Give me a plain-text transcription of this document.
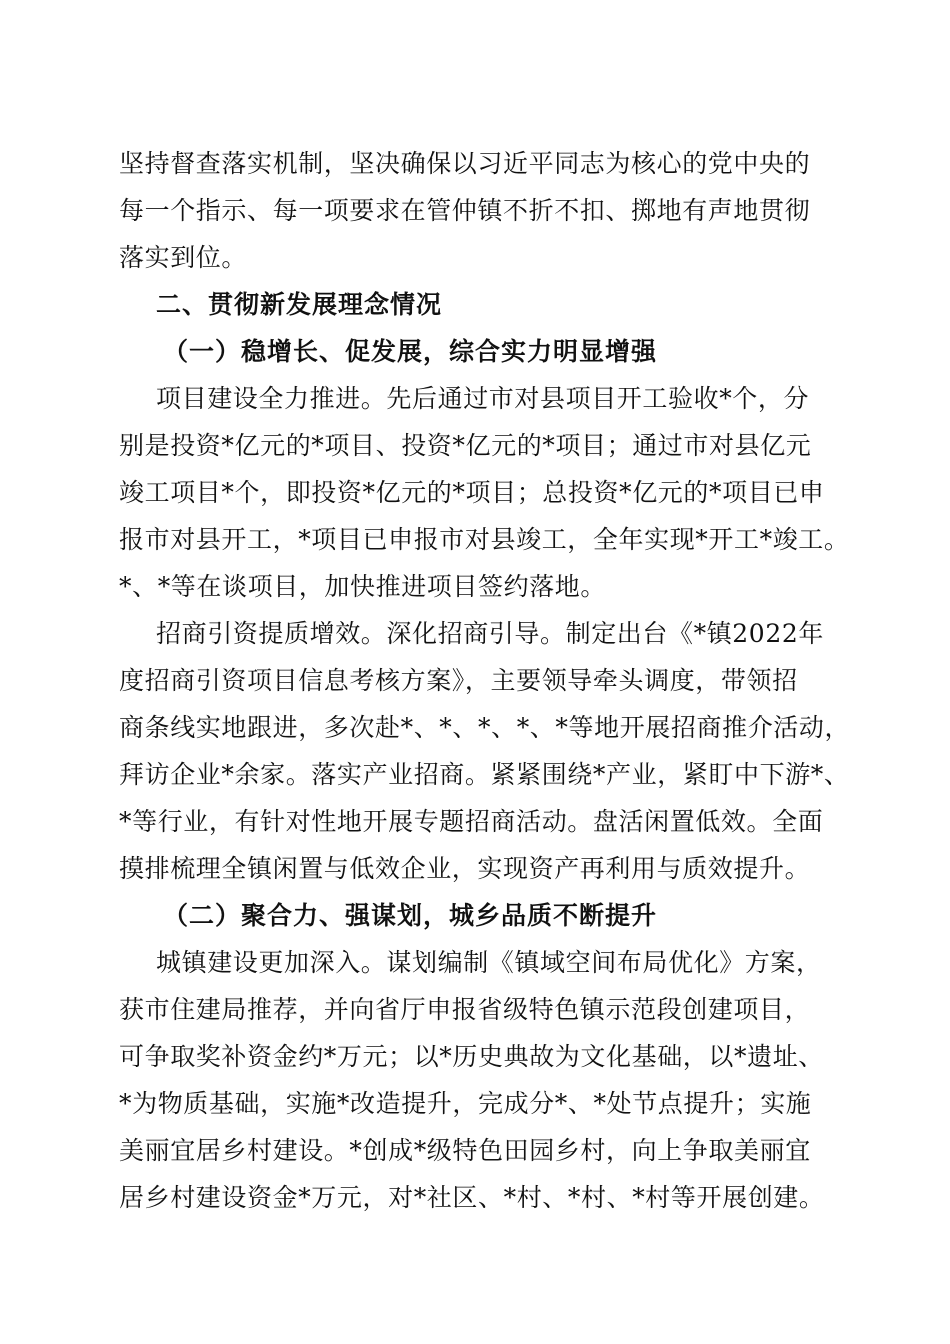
坚持督查落实机制，坚决确保以习近平同志为核心的党中央的
每一个指示、每一项要求在管仲镇不折不扣、掷地有声地贯彻
落实到位。
二、贯彻新发展理念情况
（一）稳增长、促发展，综合实力明显增强
项目建设全力推进。先后通过市对县项目开工验收*个，分
别是投资*亿元的*项目、投资*亿元的*项目；通过市对县亿元
竣工项目*个，即投资*亿元的*项目；总投资*亿元的*项目已申
报市对县开工，*项目已申报市对县竣工，全年实现*开工*竣工。
*、*等在谈项目，加快推进项目签约落地。
招商引资提质增效。深化招商引导。制定出台《*镇2022年
度招商引资项目信息考核方案》，主要领导牵头调度，带领招
商条线实地跟进，多次赴*、*、*、*、*等地开展招商推介活动，
拜访企业*余家。落实产业招商。紧紧围绕*产业，紧盯中下游*、
*等行业，有针对性地开展专题招商活动。盘活闲置低效。全面
摸排梳理全镇闲置与低效企业，实现资产再利用与质效提升。
（二）聚合力、强谋划，城乡品质不断提升
城镇建设更加深入。谋划编制《镇域空间布局优化》方案，
获市住建局推荐，并向省厅申报省级特色镇示范段创建项目，
可争取奖补资金约*万元；以*历史典故为文化基础，以*遗址、
*为物质基础，实施*改造提升，完成分*、*处节点提升；实施
美丽宜居乡村建设。*创成*级特色田园乡村，向上争取美丽宜
居乡村建设资金*万元，对*社区、*村、*村、*村等开展创建。
